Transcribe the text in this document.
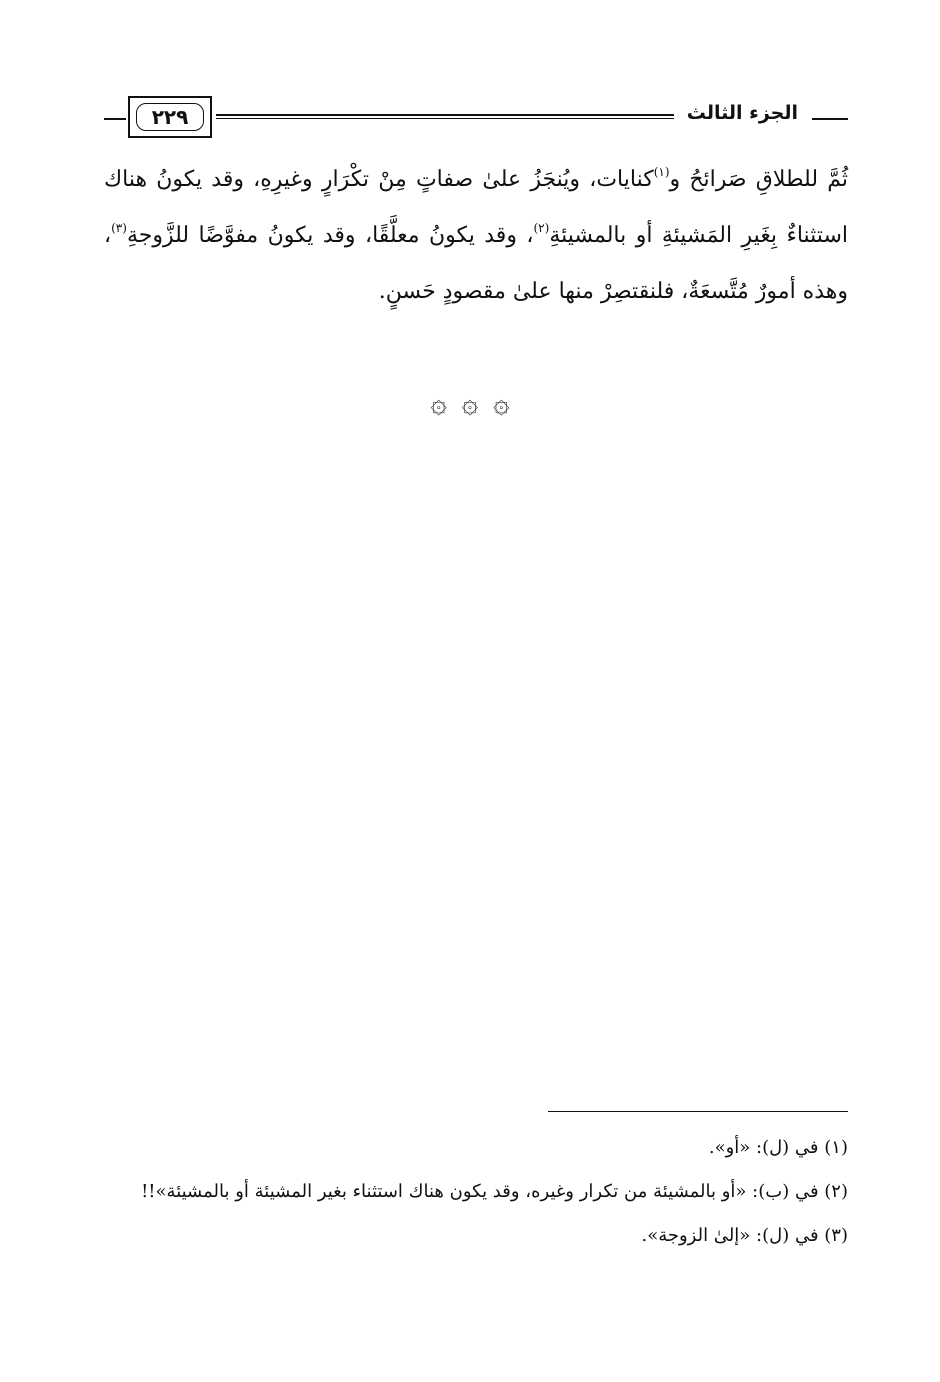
الجزء الثالث
٢٢٩

ثُمَّ للطلاقِ صَرائحُ و$^{(١)}$كنايات، ويُنجَزُ علىٰ صفاتٍ مِنْ تكْرَارٍ وغيرِهِ، وقد يكونُ هناك استثناءٌ بِغَيرِ المَشيئةِ أو بالمشيئةِ$^{(٢)}$، وقد يكونُ معلَّقًا، وقد يكونُ مفوَّضًا للزَّوجةِ$^{(٣)}$، وهذه أمورٌ مُتَّسعَةٌ، فلنقتصِرْ منها علىٰ مقصودٍ حَسنٍ.

۞ ۞ ۞

(١) في (ل): «أو».

(٢) في (ب): «أو بالمشيئة من تكرار وغيره، وقد يكون هناك استثناء بغير المشيئة أو بالمشيئة»!!

(٣) في (ل): «إلىٰ الزوجة».
